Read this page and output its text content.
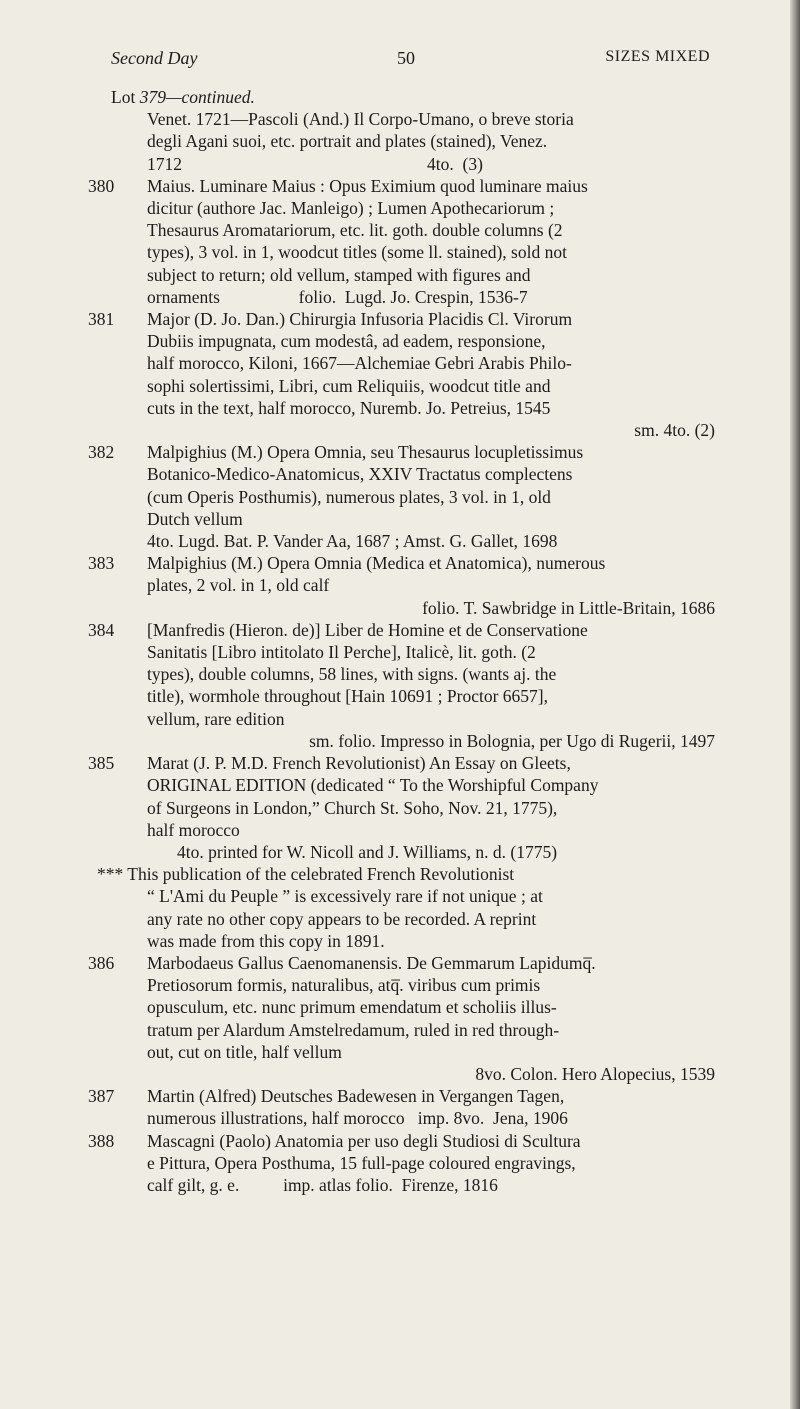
Second Day	50	SIZES MIXED
Lot 379—continued.
Venet. 1721—Pascoli (And.) Il Corpo-Umano, o breve storia
degli Agani suoi, etc. portrait and plates (stained), Venez.
1712                                                        4to.  (3)
380 Maius. Luminare Maius : Opus Eximium quod luminare maius
dicitur (authore Jac. Manleigo) ; Lumen Apothecariorum ;
Thesaurus Aromatariorum, etc. lit. goth. double columns (2
types), 3 vol. in 1, woodcut titles (some ll. stained), sold not
subject to return; old vellum, stamped with figures and
ornaments                  folio.  Lugd. Jo. Crespin, 1536-7
381 Major (D. Jo. Dan.) Chirurgia Infusoria Placidis Cl. Virorum
Dubiis impugnata, cum modestâ, ad eadem, responsione,
half morocco, Kiloni, 1667—Alchemiae Gebri Arabis Philo-
sophi solertissimi, Libri, cum Reliquiis, woodcut title and
cuts in the text, half morocco, Nuremb. Jo. Petreius, 1545
sm. 4to. (2)
382 Malpighius (M.) Opera Omnia, seu Thesaurus locupletissimus
Botanico-Medico-Anatomicus, XXIV Tractatus complectens
(cum Operis Posthumis), numerous plates, 3 vol. in 1, old
Dutch vellum
4to. Lugd. Bat. P. Vander Aa, 1687 ; Amst. G. Gallet, 1698
383 Malpighius (M.) Opera Omnia (Medica et Anatomica), numerous
plates, 2 vol. in 1, old calf
folio. T. Sawbridge in Little-Britain, 1686
384 [Manfredis (Hieron. de)] Liber de Homine et de Conservatione
Sanitatis [Libro intitolato Il Perche], Italicè, lit. goth. (2
types), double columns, 58 lines, with signs. (wants aj. the
title), wormhole throughout [Hain 10691 ; Proctor 6657],
vellum, rare edition
sm. folio. Impresso in Bolognia, per Ugo di Rugerii, 1497
385 Marat (J. P. M.D. French Revolutionist) An Essay on Gleets,
ORIGINAL EDITION (dedicated “ To the Worshipful Company
of Surgeons in London,” Church St. Soho, Nov. 21, 1775),
half morocco
4to. printed for W. Nicoll and J. Williams, n. d. (1775)
*** This publication of the celebrated French Revolutionist
“ L'Ami du Peuple ” is excessively rare if not unique ; at
any rate no other copy appears to be recorded. A reprint
was made from this copy in 1891.
386 Marbodaeus Gallus Caenomanensis. De Gemmarum Lapidumq̅.
Pretiosorum formis, naturalibus, atq̅. viribus cum primis
opusculum, etc. nunc primum emendatum et scholiis illus-
tratum per Alardum Amstelredamum, ruled in red through-
out, cut on title, half vellum
8vo. Colon. Hero Alopecius, 1539
387 Martin (Alfred) Deutsches Badewesen in Vergangen Tagen,
numerous illustrations, half morocco   imp. 8vo.  Jena, 1906
388 Mascagni (Paolo) Anatomia per uso degli Studiosi di Scultura
e Pittura, Opera Posthuma, 15 full-page coloured engravings,
calf gilt, g. e.          imp. atlas folio.  Firenze, 1816
